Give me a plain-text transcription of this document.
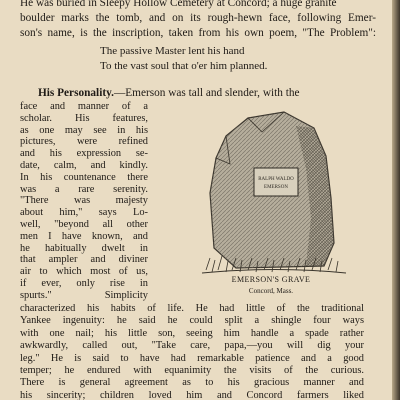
He was buried in Sleepy Hollow Cemetery at Concord; a huge granite
boulder marks the tomb, and on its rough-hewn face, following Emer-
son's name, is the inscription, taken from his own poem, "The Problem":
The passive Master lent his hand
To the vast soul that o'er him planned.
His Personality.—Emerson was tall and slender, with the
face and manner of a
scholar. His features,
as one may see in his
pictures, were refined
and his expression se-
date, calm, and kindly.
In his countenance there
was a rare serenity.
"There was majesty
about him," says Lo-
well, "beyond all other
men I have known, and
he habitually dwelt in
that ampler and diviner
air to which most of us,
if ever, only rise in
spurts." Simplicity
RALPH WALDO
EMERSON
EMERSON'S GRAVE
Concord, Mass.
characterized his habits of life. He had little of the traditional
Yankee ingenuity: he said he could split a shingle four ways
with one nail; his little son, seeing him handle a spade rather
awkwardly, called out, "Take care, papa,—you will dig your
leg." He is said to have had remarkable patience and a good
temper; he endured with equanimity the visits of the curious.
There is general agreement as to his gracious manner and
his sincerity; children loved him and Concord farmers liked
